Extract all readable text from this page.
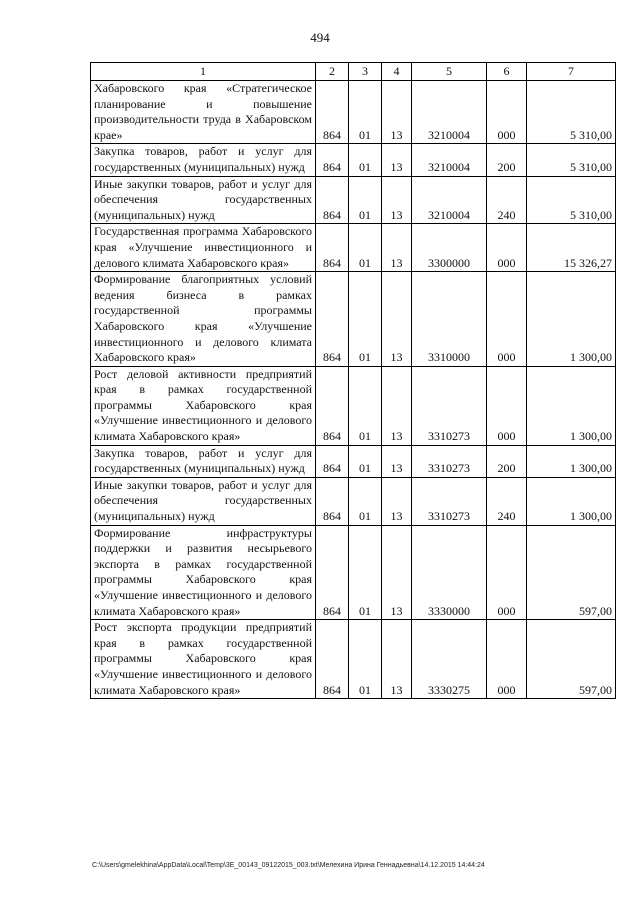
494
1	2	3	4	5	6	7
Хабаровского края «Стратегическое планирование и повышение производительности труда в Хабаровском крае»	864	01	13	3210004	000	5 310,00
Закупка товаров, работ и услуг для государственных (муниципальных) нужд	864	01	13	3210004	200	5 310,00
Иные закупки товаров, работ и услуг для обеспечения государственных (муниципальных) нужд	864	01	13	3210004	240	5 310,00
Государственная программа Хабаровского края «Улучшение инвестиционного и делового климата Хабаровского края»	864	01	13	3300000	000	15 326,27
Формирование благоприятных условий ведения бизнеса в рамках государственной программы Хабаровского края «Улучшение инвестиционного и делового климата Хабаровского края»	864	01	13	3310000	000	1 300,00
Рост деловой активности предприятий края в рамках государственной программы Хабаровского края «Улучшение инвестиционного и делового климата Хабаровского края»	864	01	13	3310273	000	1 300,00
Закупка товаров, работ и услуг для государственных (муниципальных) нужд	864	01	13	3310273	200	1 300,00
Иные закупки товаров, работ и услуг для обеспечения государственных (муниципальных) нужд	864	01	13	3310273	240	1 300,00
Формирование инфраструктуры поддержки и развития несырьевого экспорта в рамках государственной программы Хабаровского края «Улучшение инвестиционного и делового климата Хабаровского края»	864	01	13	3330000	000	597,00
Рост экспорта продукции предприятий края в рамках государственной программы Хабаровского края «Улучшение инвестиционного и делового климата Хабаровского края»	864	01	13	3330275	000	597,00
C:\Users\gmelekhina\AppData\Local\Temp\3E_00143_09122015_003.txt\Мелехина Ирина Геннадьевна\14.12.2015 14:44:24
